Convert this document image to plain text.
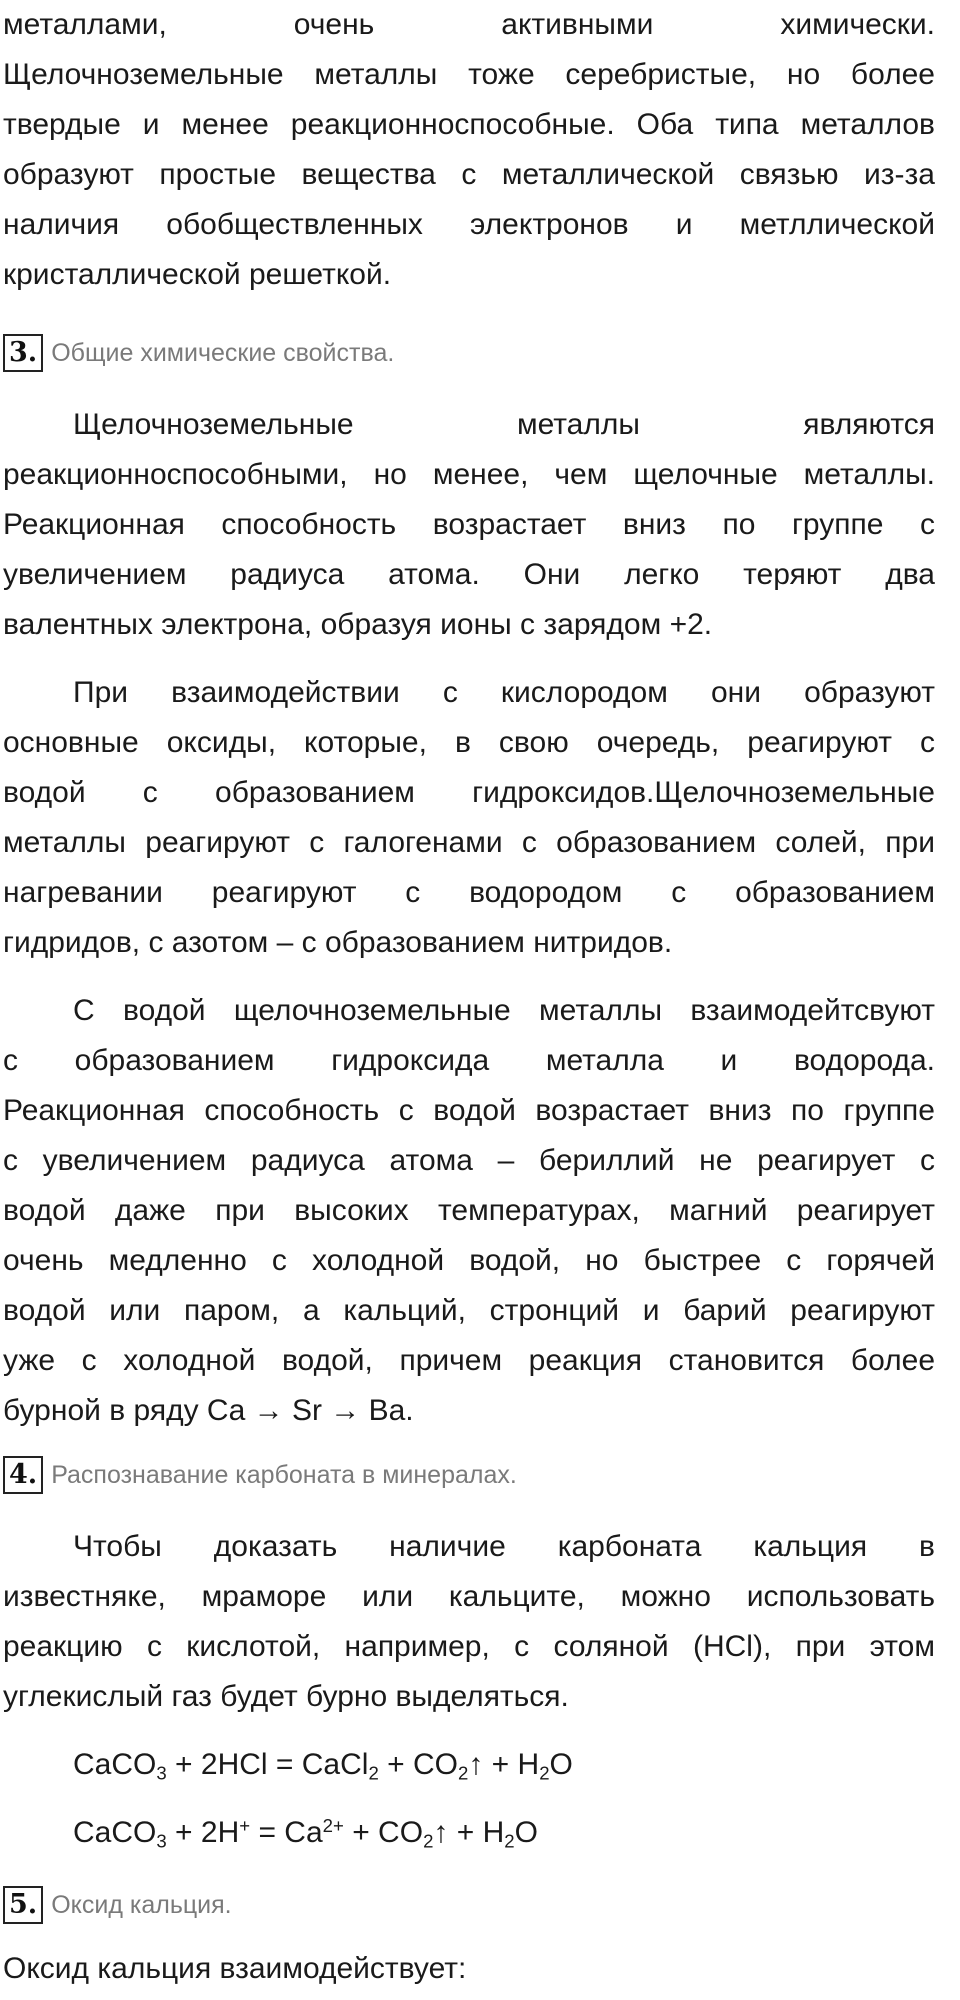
металлами, очень активными химически.
Щелочноземельные металлы тоже серебристые, но более
твердые и менее реакционноспособные. Оба типа металлов
образуют простые вещества с металлической связью из-за
наличия обобществленных электронов и метллической
кристаллической решеткой.
3. Общие химические свойства.
Щелочноземельные металлы являются
реакционноспособными, но менее, чем щелочные металлы.
Реакционная способность возрастает вниз по группе с
увеличением радиуса атома. Они легко теряют два
валентных электрона, образуя ионы с зарядом +2.
При взаимодействии с кислородом они образуют
основные оксиды, которые, в свою очередь, реагируют с
водой с образованием гидроксидов.Щелочноземельные
металлы реагируют с галогенами с образованием солей, при
нагревании реагируют с водородом с образованием
гидридов, с азотом – с образованием нитридов.
С водой щелочноземельные металлы взаимодейтсвуют
с образованием гидроксида металла и водорода.
Реакционная способность с водой возрастает вниз по группе
с увеличением радиуса атома – бериллий не реагирует с
водой даже при высоких температурах, магний реагирует
очень медленно с холодной водой, но быстрее с горячей
водой или паром, а кальций, стронций и барий реагируют
уже с холодной водой, причем реакция становится более
бурной в ряду Ca → Sr → Ba.
4. Распознавание карбоната в минералах.
Чтобы доказать наличие карбоната кальция в
известняке, мраморе или кальците, можно использовать
реакцию с кислотой, например, с соляной (HCl), при этом
углекислый газ будет бурно выделяться.
CaCO$_3$ + 2HCl = CaCl$_2$ + $CO_2↑ + H_2O$
CaCO$_3$ + $2H^+ = Ca^{2+}$ + $CO_2↑ + H_2O$
5. Оксид кальция.
Оксид кальция взаимодействует:
